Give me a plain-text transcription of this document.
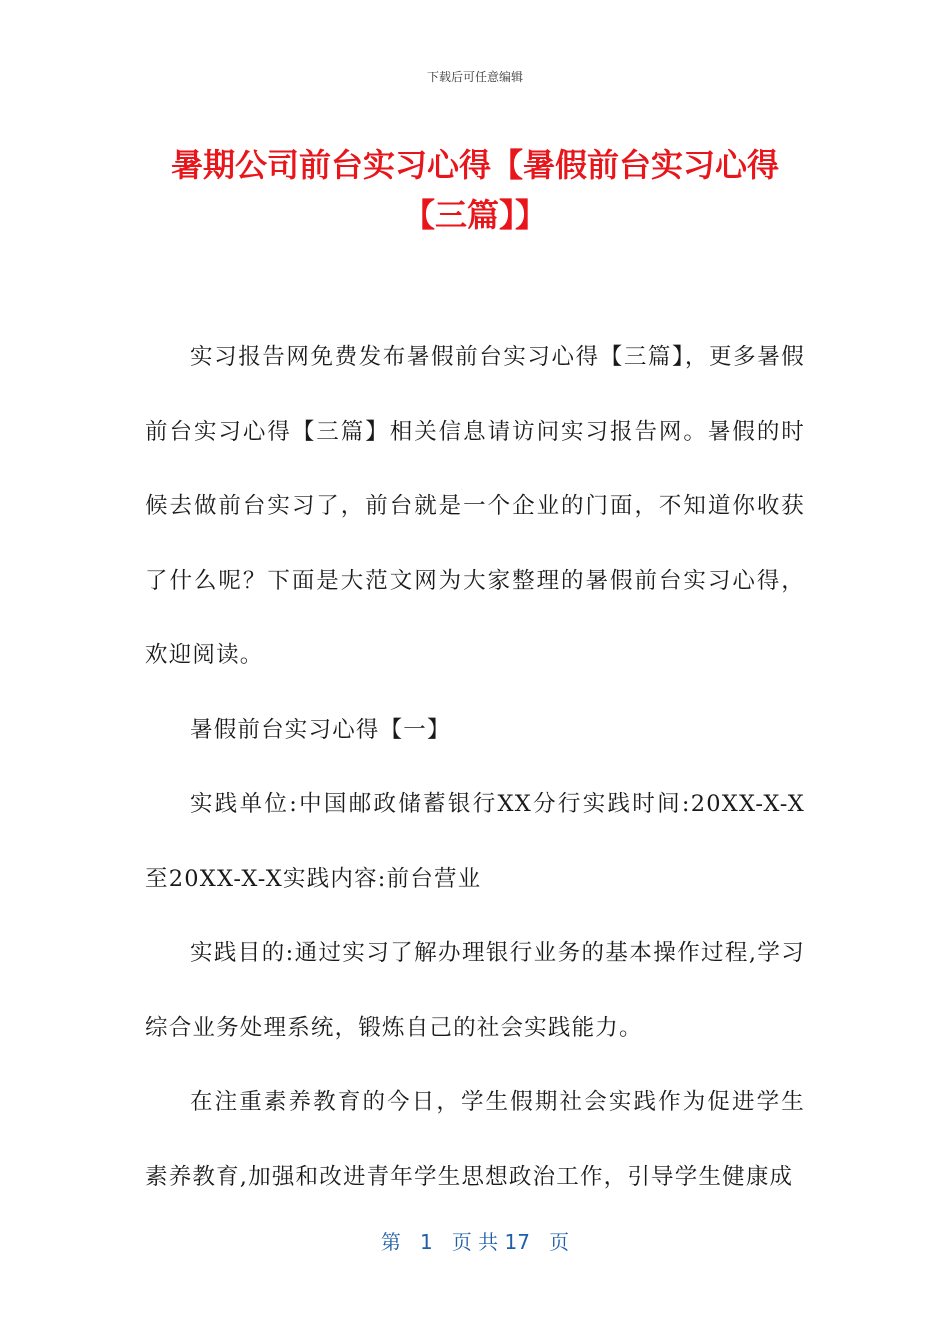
下载后可任意编辑
暑期公司前台实习心得【暑假前台实习心得【三篇】】

实习报告网免费发布暑假前台实习心得【三篇】，更多暑假前台实习心得【三篇】相关信息请访问实习报告网。暑假的时候去做前台实习了，前台就是一个企业的门面，不知道你收获了什么呢？下面是大范文网为大家整理的暑假前台实习心得，欢迎阅读。

暑假前台实习心得【一】

实践单位:中国邮政储蓄银行XX分行实践时间:20XX-X-X至20XX-X-X实践内容:前台营业

实践目的:通过实习了解办理银行业务的基本操作过程,学习综合业务处理系统，锻炼自己的社会实践能力。

在注重素养教育的今日，学生假期社会实践作为促进学生素养教育,加强和改进青年学生思想政治工作，引导学生健康成

第 1 页 共 17 页
